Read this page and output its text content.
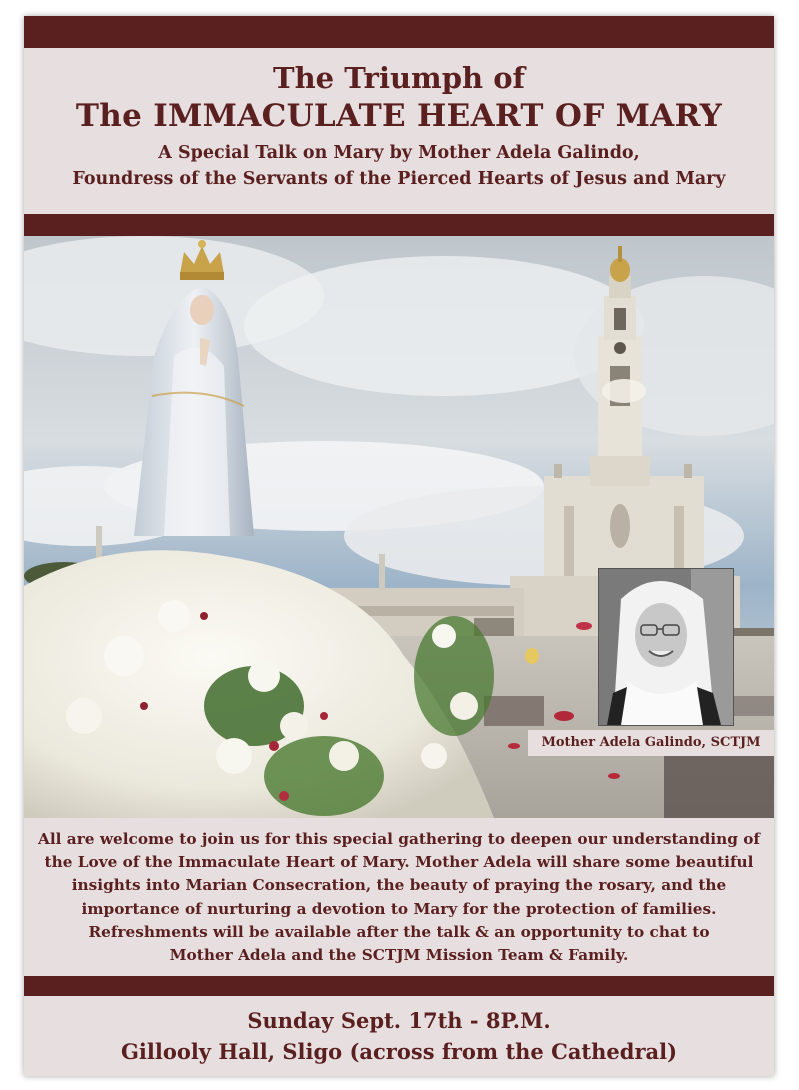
The Triumph of
The IMMACULATE HEART OF MARY
A Special Talk on Mary by Mother Adela Galindo,
Foundress of the Servants of the Pierced Hearts of Jesus and Mary
Mother Adela Galindo, SCTJM

All are welcome to join us for this special gathering to deepen our understanding of
the Love of the Immaculate Heart of Mary. Mother Adela will share some beautiful
insights into Marian Consecration, the beauty of praying the rosary, and the
importance of nurturing a devotion to Mary for the protection of families.
Refreshments will be available after the talk & an opportunity to chat to
Mother Adela and the SCTJM Mission Team & Family.

Sunday Sept. 17th - 8P.M.
Gillooly Hall, Sligo (across from the Cathedral)
